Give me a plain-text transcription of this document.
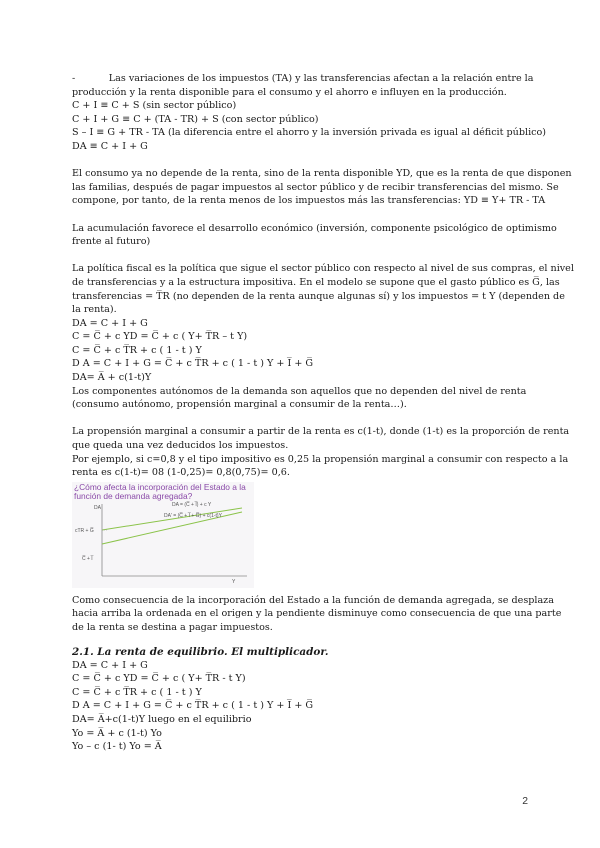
-           Las variaciones de los impuestos (TA) y las transferencias afectan a la relación entre la
producción y la renta disponible para el consumo y el ahorro e influyen en la producción.
C + I ≡ C + S (sin sector público)
C + I + G ≡ C + (TA - TR) + S (con sector público)
S – I ≡ G + TR - TA (la diferencia entre el ahorro y la inversión privada es igual al déficit público)
DA ≡ C + I + G
El consumo ya no depende de la renta, sino de la renta disponible YD, que es la renta de que disponen
las familias, después de pagar impuestos al sector público y de recibir transferencias del mismo. Se
compone, por tanto, de la renta menos de los impuestos más las transferencias: YD ≡ Y+ TR - TA
La acumulación favorece el desarrollo económico (inversión, componente psicológico de optimismo
frente al futuro)
La política fiscal es la política que sigue el sector público con respecto al nivel de sus compras, el nivel
de transferencias y a la estructura impositiva. En el modelo se supone que el gasto público es G̅, las
transferencias = T̅R (no dependen de la renta aunque algunas sí) y los impuestos = t Y (dependen de
la renta).
DA = C + I + G
C = C̅ + c YD = C̅ + c ( Y+ T̅R – t Y)
C = C̅ + c T̅R + c ( 1 - t ) Y
D A = C + I + G = C̅ + c T̅R + c ( 1 - t ) Y + I̅ + G̅
DA= A̅ + c(1-t)Y
Los componentes autónomos de la demanda son aquellos que no dependen del nivel de renta
(consumo autónomo, propensión marginal a consumir de la renta…).
La propensión marginal a consumir a partir de la renta es c(1-t), donde (1-t) es la proporción de renta
que queda una vez deducidos los impuestos.
Por ejemplo, si c=0,8 y el tipo impositivo es 0,25 la propensión marginal a consumir con respecto a la
renta es c(1-t)= 08 (1-0,25)= 0,8(0,75)= 0,6.
¿Cómo afecta la incorporación del Estado a la
función de demanda agregada?
DA
Y
cTR + G̅
C̅ + I̅
DA' = (C̅ + I̅ + G̅) + c(1-t)Y
DA = (C̅ + I̅) + c Y
Como consecuencia de la incorporación del Estado a la función de demanda agregada, se desplaza
hacia arriba la ordenada en el origen y la pendiente disminuye como consecuencia de que una parte
de la renta se destina a pagar impuestos.
2.1. La renta de equilibrio. El multiplicador.
DA = C + I + G
C = C̅ + c YD = C̅ + c ( Y+ T̅R - t Y)
C = C̅ + c T̅R + c ( 1 - t ) Y
D A = C + I + G = C̅ + c T̅R + c ( 1 - t ) Y + I̅ + G̅
DA= A̅+c(1-t)Y luego en el equilibrio
Yo = A̅ + c (1-t) Yo
Yo – c (1- t) Yo = A̅
2
